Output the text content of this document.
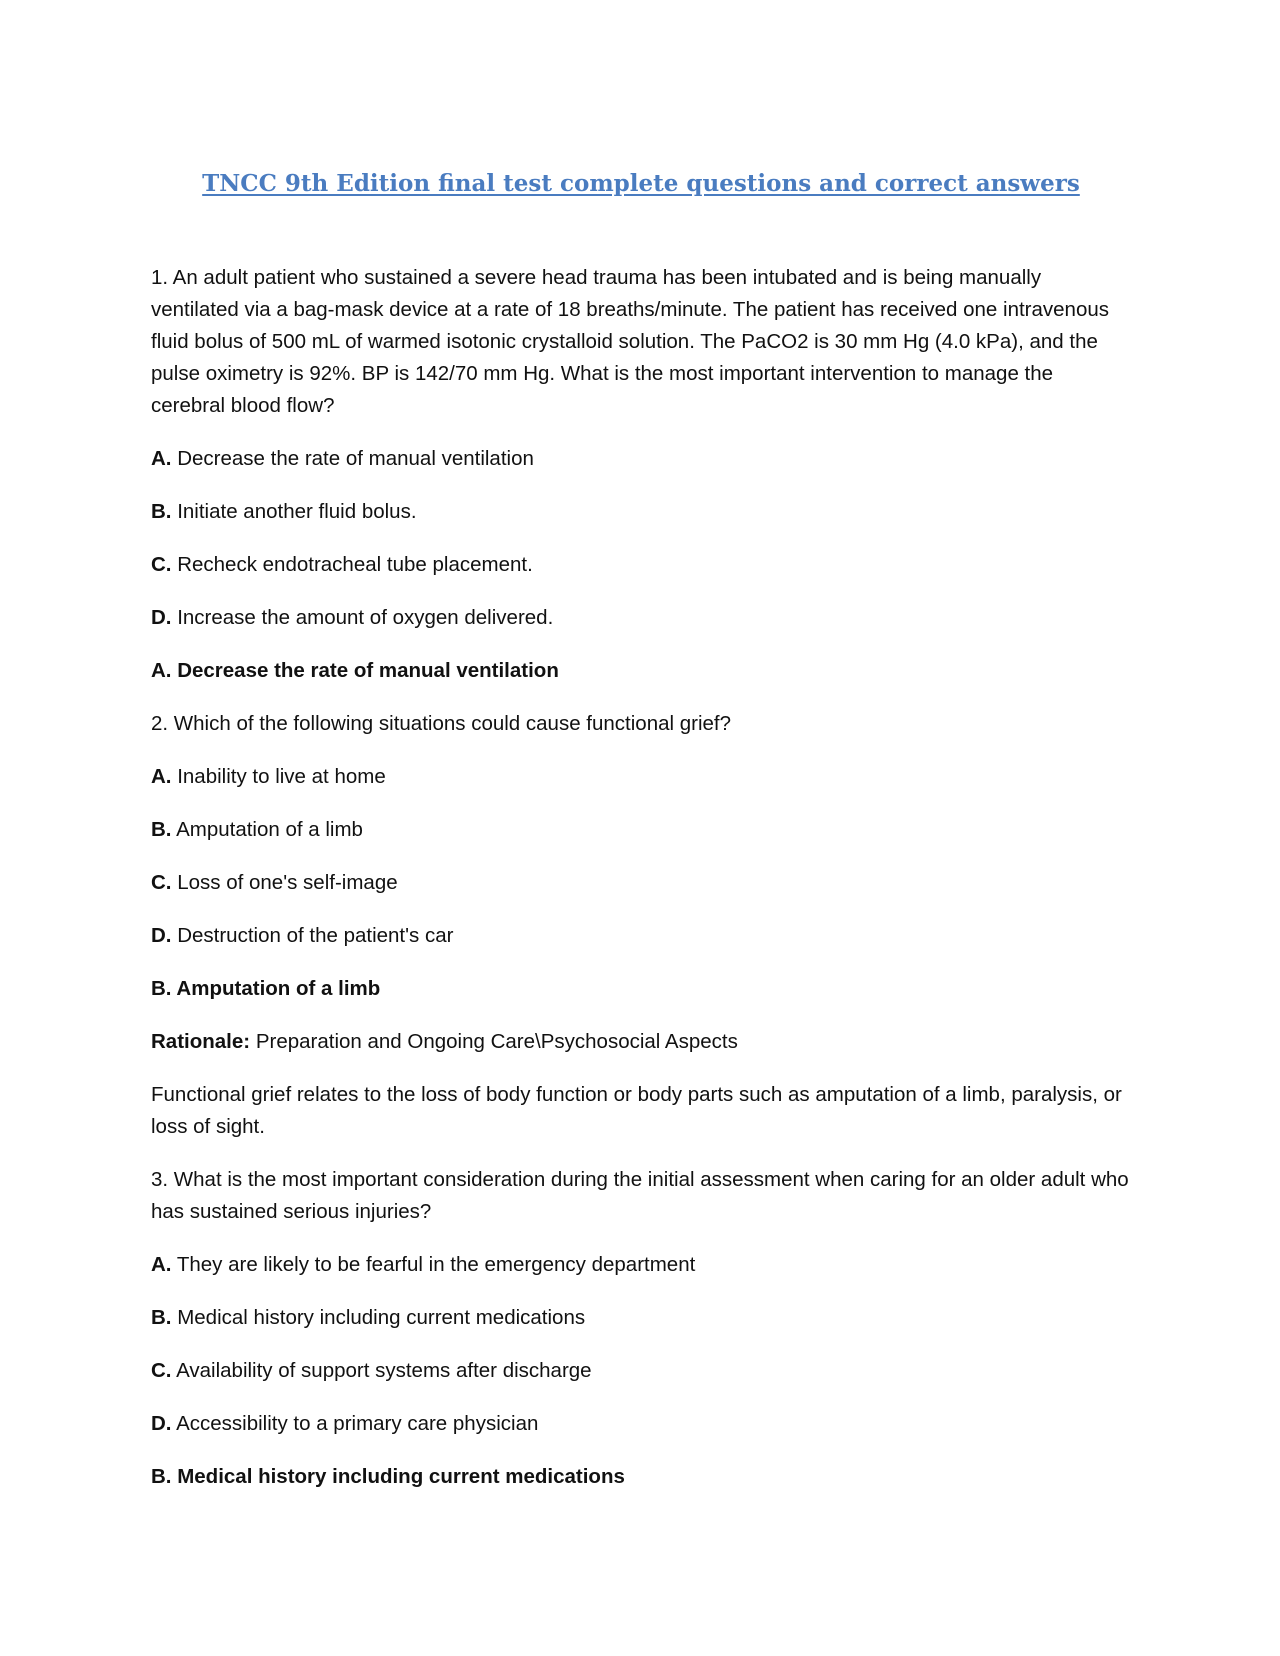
TNCC 9th Edition final test complete questions and correct answers
1. An adult patient who sustained a severe head trauma has been intubated and is being manually ventilated via a bag-mask device at a rate of 18 breaths/minute. The patient has received one intravenous fluid bolus of 500 mL of warmed isotonic crystalloid solution. The PaCO2 is 30 mm Hg (4.0 kPa), and the pulse oximetry is 92%. BP is 142/70 mm Hg. What is the most important intervention to manage the cerebral blood flow?
A. Decrease the rate of manual ventilation
B. Initiate another fluid bolus.
C. Recheck endotracheal tube placement.
D. Increase the amount of oxygen delivered.
A. Decrease the rate of manual ventilation
2. Which of the following situations could cause functional grief?
A. Inability to live at home
B. Amputation of a limb
C. Loss of one's self-image
D. Destruction of the patient's car
B. Amputation of a limb
Rationale: Preparation and Ongoing Care\Psychosocial Aspects
Functional grief relates to the loss of body function or body parts such as amputation of a limb, paralysis, or loss of sight.
3. What is the most important consideration during the initial assessment when caring for an older adult who has sustained serious injuries?
A. They are likely to be fearful in the emergency department
B. Medical history including current medications
C. Availability of support systems after discharge
D. Accessibility to a primary care physician
B. Medical history including current medications
